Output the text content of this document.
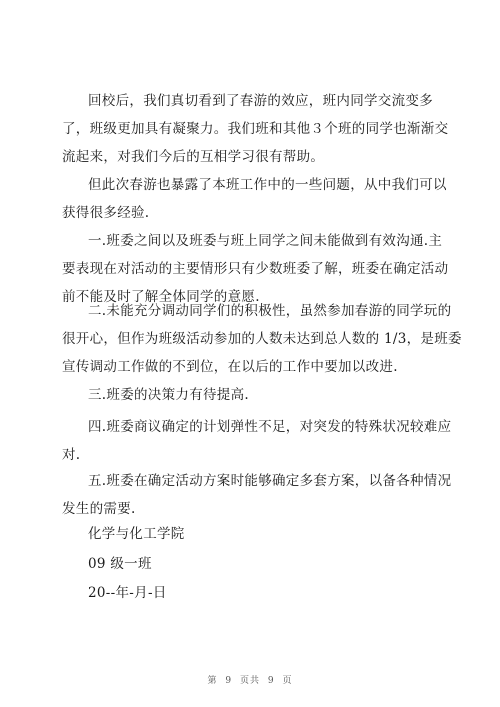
回校后，我们真切看到了春游的效应，班内同学交流变多
了，班级更加具有凝聚力。我们班和其他３个班的同学也渐渐交
流起来，对我们今后的互相学习很有帮助。

但此次春游也暴露了本班工作中的一些问题，从中我们可以
获得很多经验.

一.班委之间以及班委与班上同学之间未能做到有效沟通.主
要表现在对活动的主要情形只有少数班委了解，班委在确定活动
前不能及时了解全体同学的意愿.

二.未能充分调动同学们的积极性，虽然参加春游的同学玩的
很开心，但作为班级活动参加的人数未达到总人数的 1/3，是班委
宣传调动工作做的不到位，在以后的工作中要加以改进.

三.班委的决策力有待提高.

四.班委商议确定的计划弹性不足，对突发的特殊状况较难应
对.

五.班委在确定活动方案时能够确定多套方案，以备各种情况
发生的需要.

化学与化工学院

09 级一班

20--年-月-日

第 9 页共 9 页
